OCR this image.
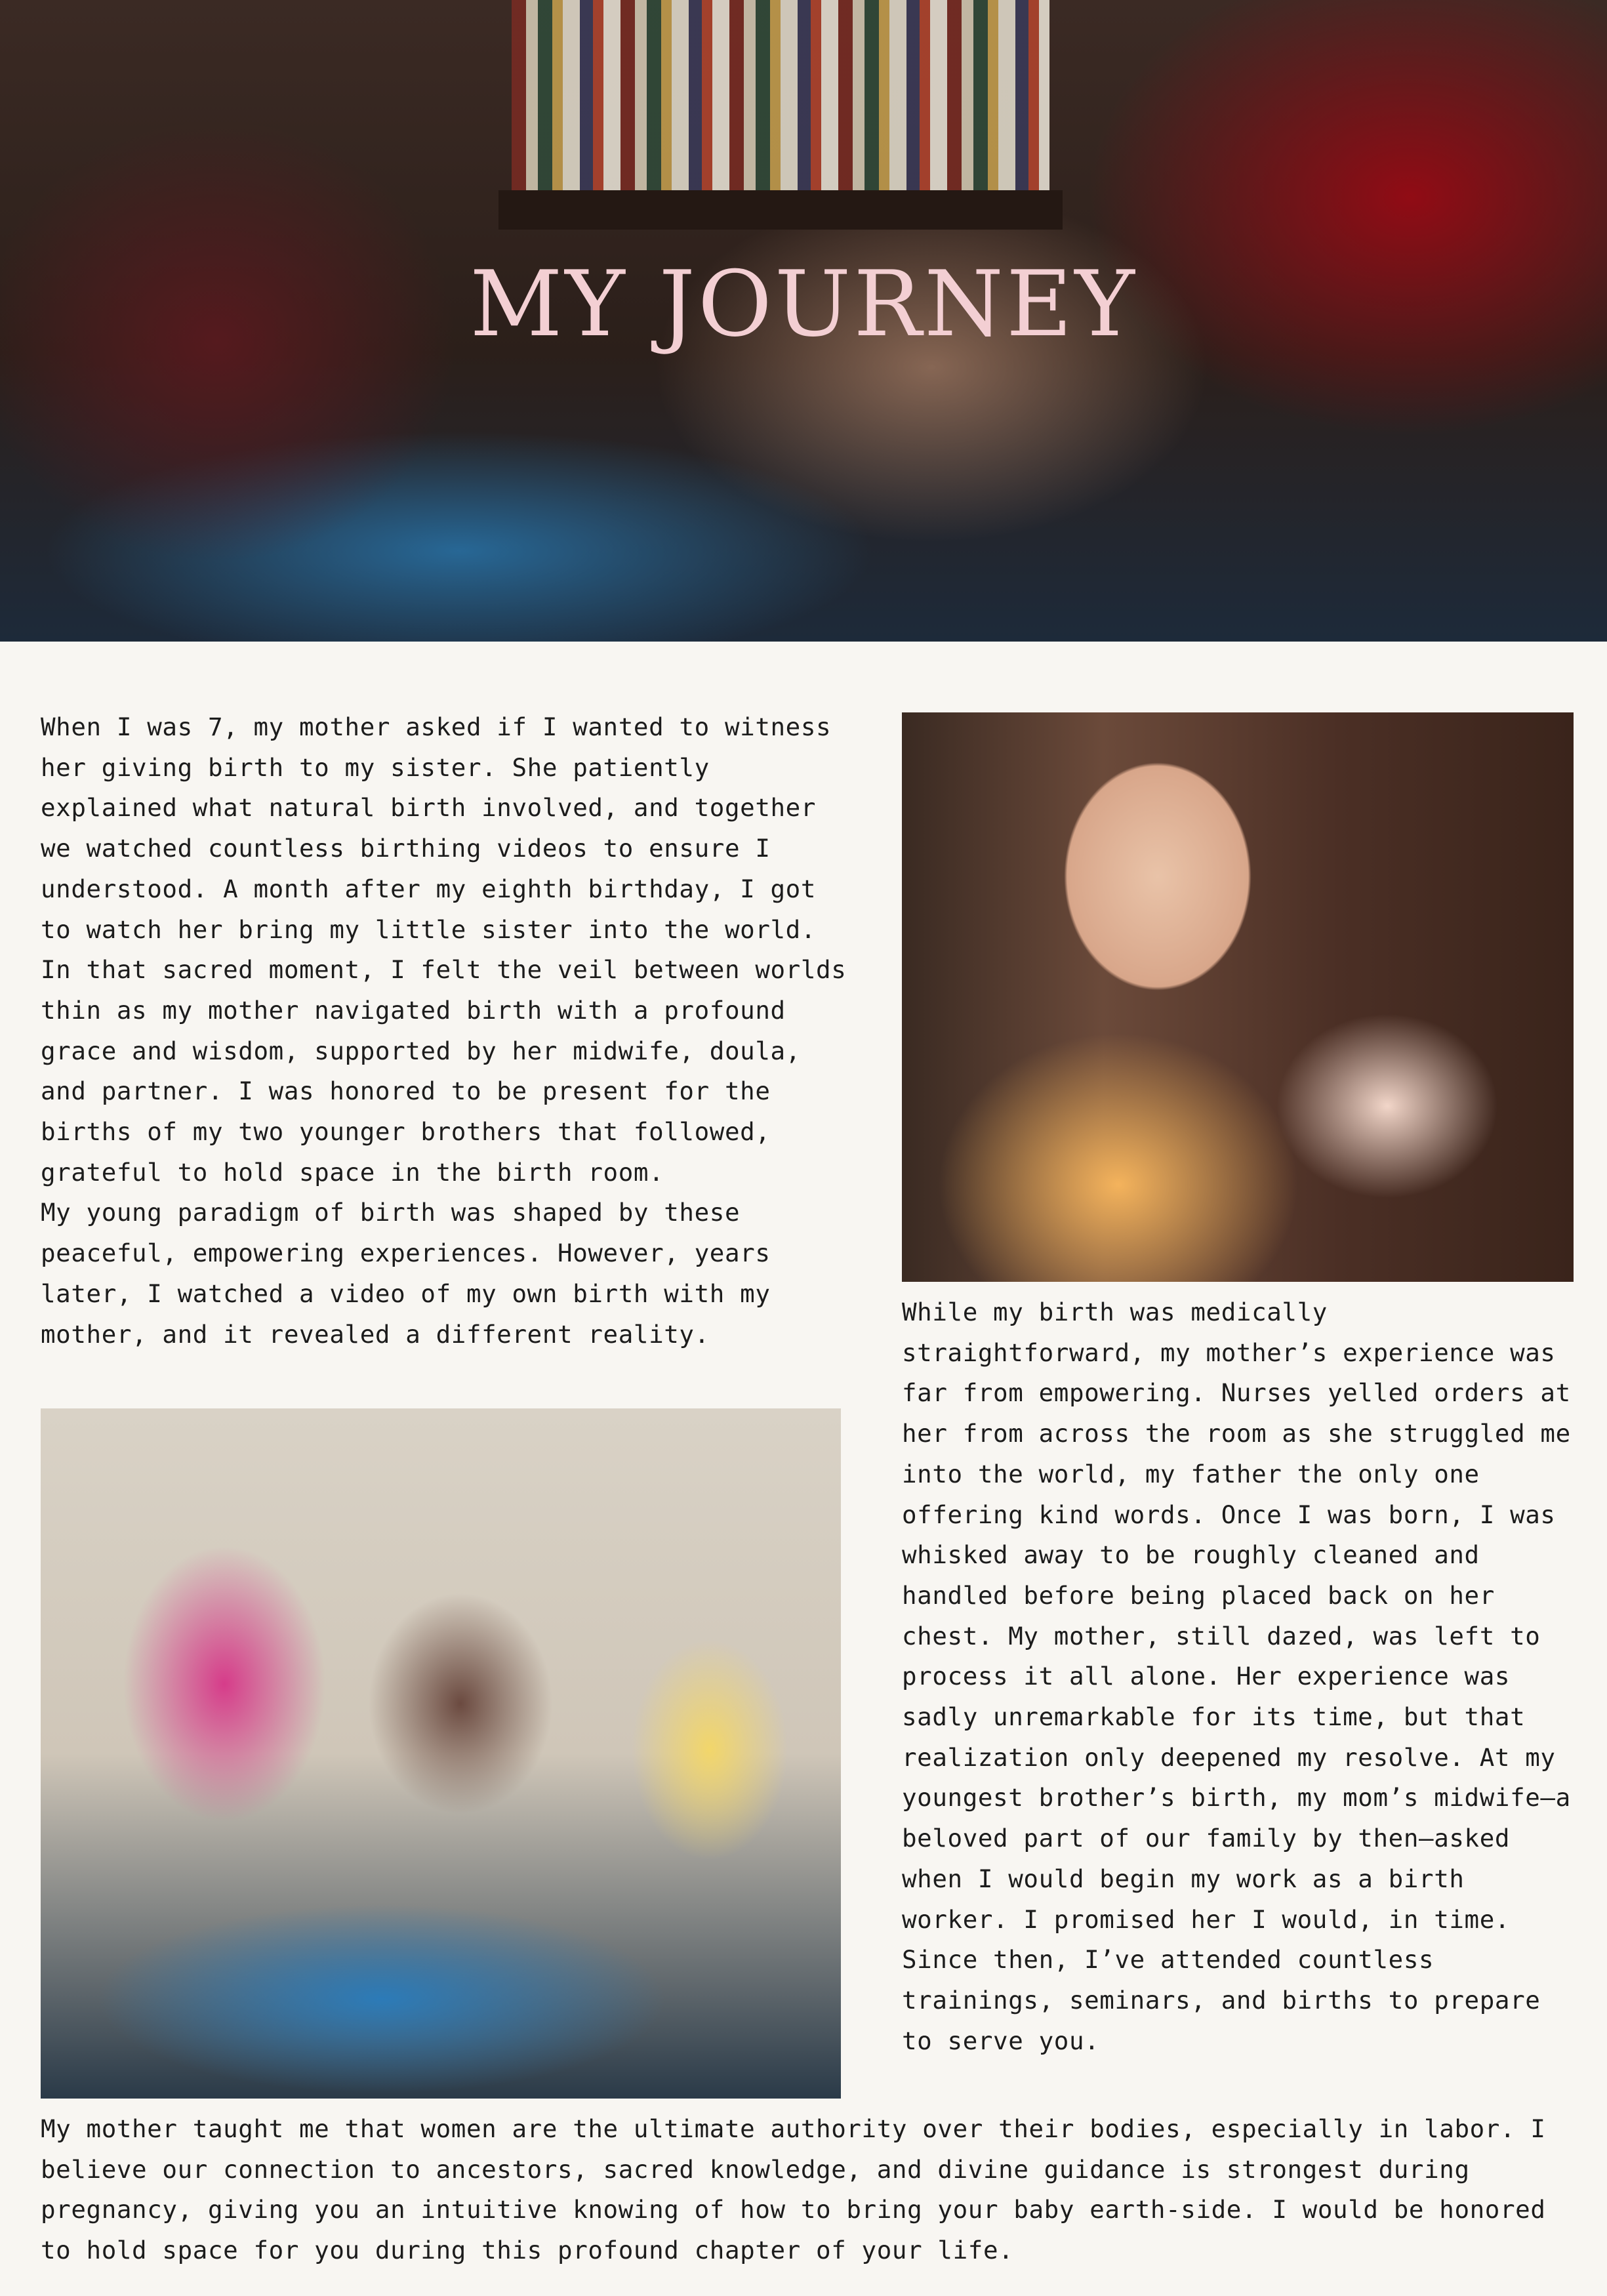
MY JOURNEY

When I was 7, my mother asked if I wanted to witness her giving birth to my sister. She patiently explained what natural birth involved, and together we watched countless birthing videos to ensure I understood. A month after my eighth birthday, I got to watch her bring my little sister into the world. In that sacred moment, I felt the veil between worlds thin as my mother navigated birth with a profound grace and wisdom, supported by her midwife, doula, and partner. I was honored to be present for the births of my two younger brothers that followed, grateful to hold space in the birth room.
My young paradigm of birth was shaped by these peaceful, empowering experiences. However, years later, I watched a video of my own birth with my mother, and it revealed a different reality.

While my birth was medically straightforward, my mother’s experience was far from empowering. Nurses yelled orders at her from across the room as she struggled me into the world, my father the only one offering kind words. Once I was born, I was whisked away to be roughly cleaned and handled before being placed back on her chest. My mother, still dazed, was left to process it all alone. Her experience was sadly unremarkable for its time, but that realization only deepened my resolve. At my youngest brother’s birth, my mom’s midwife—a beloved part of our family by then—asked when I would begin my work as a birth worker. I promised her I would, in time. Since then, I’ve attended countless trainings, seminars, and births to prepare to serve you.

My mother taught me that women are the ultimate authority over their bodies, especially in labor. I believe our connection to ancestors, sacred knowledge, and divine guidance is strongest during pregnancy, giving you an intuitive knowing of how to bring your baby earth-side. I would be honored to hold space for you during this profound chapter of your life.
